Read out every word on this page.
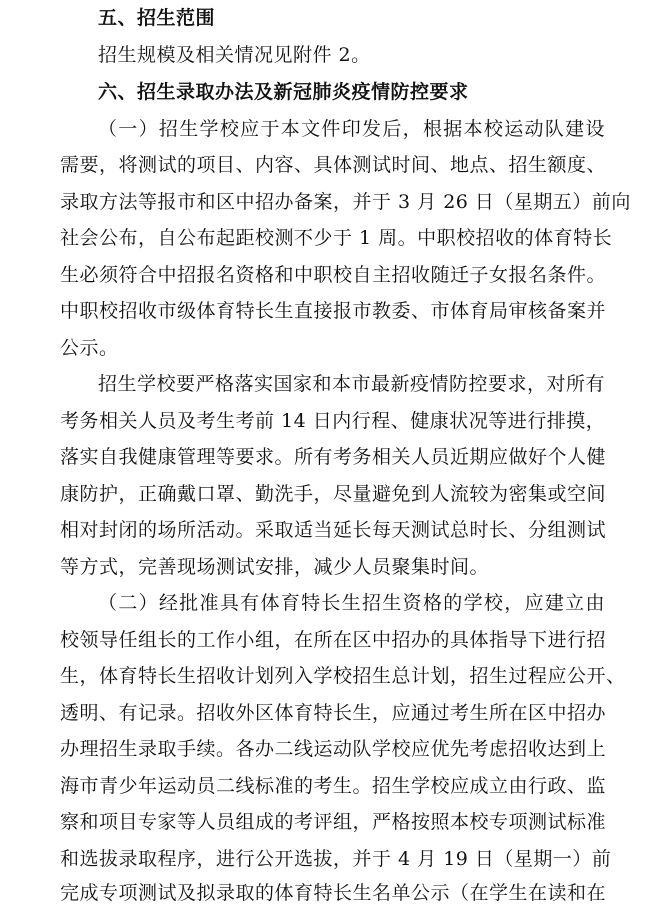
五、招生范围
招生规模及相关情况见附件 2。
六、招生录取办法及新冠肺炎疫情防控要求
（一）招生学校应于本文件印发后，根据本校运动队建设
需要，将测试的项目、内容、具体测试时间、地点、招生额度、
录取方法等报市和区中招办备案，并于 3 月 26 日（星期五）前向
社会公布，自公布起距校测不少于 1 周。中职校招收的体育特长
生必须符合中招报名资格和中职校自主招收随迁子女报名条件。
中职校招收市级体育特长生直接报市教委、市体育局审核备案并
公示。
招生学校要严格落实国家和本市最新疫情防控要求，对所有
考务相关人员及考生考前 14 日内行程、健康状况等进行排摸，
落实自我健康管理等要求。所有考务相关人员近期应做好个人健
康防护，正确戴口罩、勤洗手，尽量避免到人流较为密集或空间
相对封闭的场所活动。采取适当延长每天测试总时长、分组测试
等方式，完善现场测试安排，减少人员聚集时间。
（二）经批准具有体育特长生招生资格的学校，应建立由
校领导任组长的工作小组，在所在区中招办的具体指导下进行招
生，体育特长生招收计划列入学校招生总计划，招生过程应公开、
透明、有记录。招收外区体育特长生，应通过考生所在区中招办
办理招生录取手续。各办二线运动队学校应优先考虑招收达到上
海市青少年运动员二线标准的考生。招生学校应成立由行政、监
察和项目专家等人员组成的考评组，严格按照本校专项测试标准
和选拔录取程序，进行公开选拔，并于 4 月 19 日（星期一）前
完成专项测试及拟录取的体育特长生名单公示（在学生在读和在
